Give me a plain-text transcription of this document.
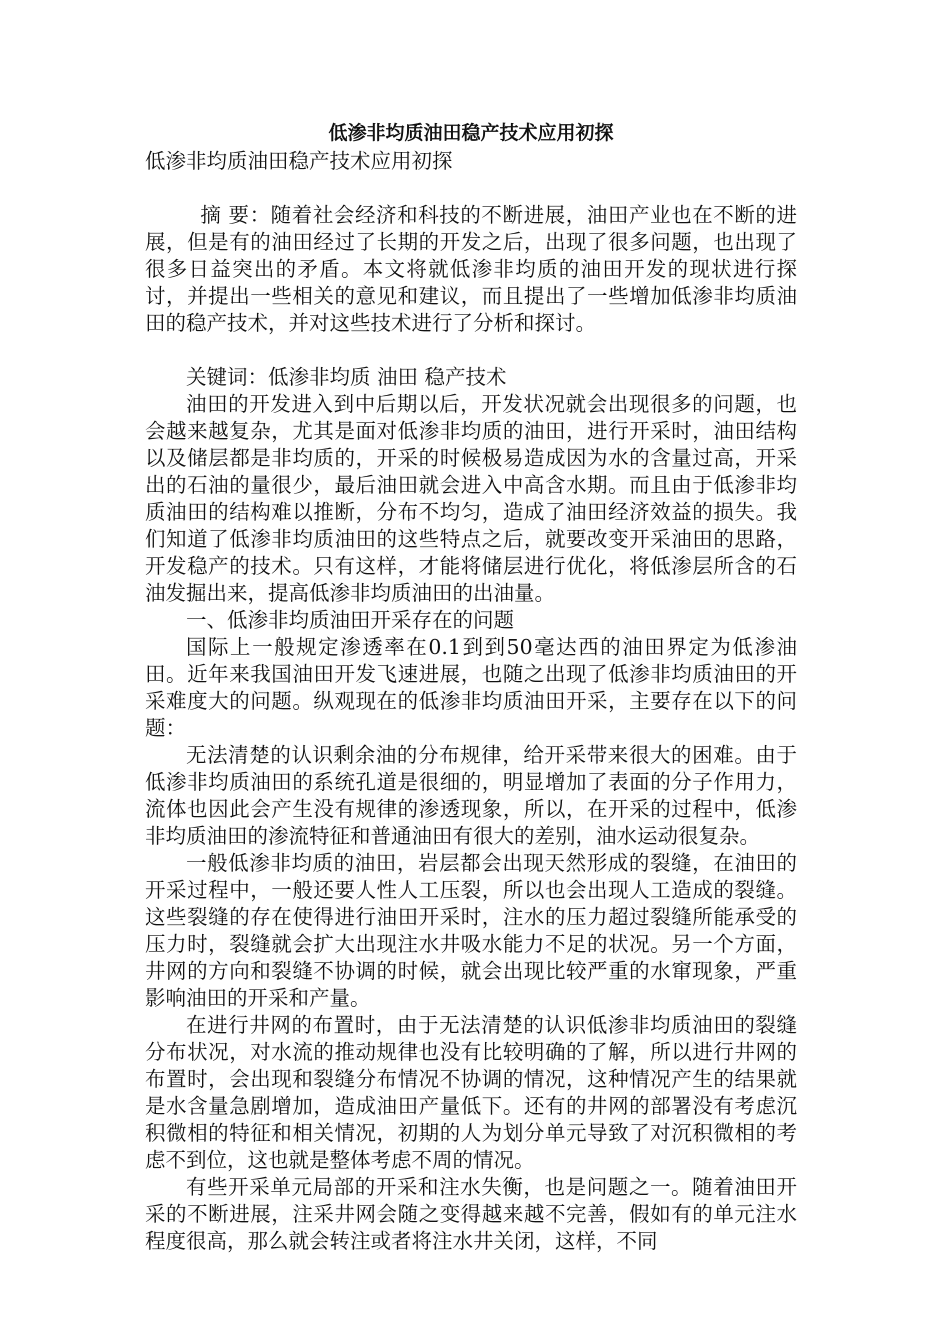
低渗非均质油田稳产技术应用初探
低渗非均质油田稳产技术应用初探

摘 要：随着社会经济和科技的不断进展，油田产业也在不断的进展，但是有的油田经过了长期的开发之后，出现了很多问题，也出现了很多日益突出的矛盾。本文将就低渗非均质的油田开发的现状进行探讨，并提出一些相关的意见和建议，而且提出了一些增加低渗非均质油田的稳产技术，并对这些技术进行了分析和探讨。

关键词：低渗非均质 油田 稳产技术

油田的开发进入到中后期以后，开发状况就会出现很多的问题，也会越来越复杂，尤其是面对低渗非均质的油田，进行开采时，油田结构以及储层都是非均质的，开采的时候极易造成因为水的含量过高，开采出的石油的量很少，最后油田就会进入中高含水期。而且由于低渗非均质油田的结构难以推断，分布不均匀，造成了油田经济效益的损失。我们知道了低渗非均质油田的这些特点之后，就要改变开采油田的思路，开发稳产的技术。只有这样，才能将储层进行优化，将低渗层所含的石油发掘出来，提高低渗非均质油田的出油量。

一、低渗非均质油田开采存在的问题

国际上一般规定渗透率在0.1到到50毫达西的油田界定为低渗油田。近年来我国油田开发飞速进展，也随之出现了低渗非均质油田的开采难度大的问题。纵观现在的低渗非均质油田开采，主要存在以下的问题：

无法清楚的认识剩余油的分布规律，给开采带来很大的困难。由于低渗非均质油田的系统孔道是很细的，明显增加了表面的分子作用力，流体也因此会产生没有规律的渗透现象，所以，在开采的过程中，低渗非均质油田的渗流特征和普通油田有很大的差别，油水运动很复杂。

一般低渗非均质的油田，岩层都会出现天然形成的裂缝，在油田的开采过程中，一般还要人性人工压裂，所以也会出现人工造成的裂缝。这些裂缝的存在使得进行油田开采时，注水的压力超过裂缝所能承受的压力时，裂缝就会扩大出现注水井吸水能力不足的状况。另一个方面，井网的方向和裂缝不协调的时候，就会出现比较严重的水窜现象，严重影响油田的开采和产量。

在进行井网的布置时，由于无法清楚的认识低渗非均质油田的裂缝分布状况，对水流的推动规律也没有比较明确的了解，所以进行井网的布置时，会出现和裂缝分布情况不协调的情况，这种情况产生的结果就是水含量急剧增加，造成油田产量低下。还有的井网的部署没有考虑沉积微相的特征和相关情况，初期的人为划分单元导致了对沉积微相的考虑不到位，这也就是整体考虑不周的情况。

有些开采单元局部的开采和注水失衡，也是问题之一。随着油田开采的不断进展，注采井网会随之变得越来越不完善，假如有的单元注水程度很高，那么就会转注或者将注水井关闭，这样，不同
